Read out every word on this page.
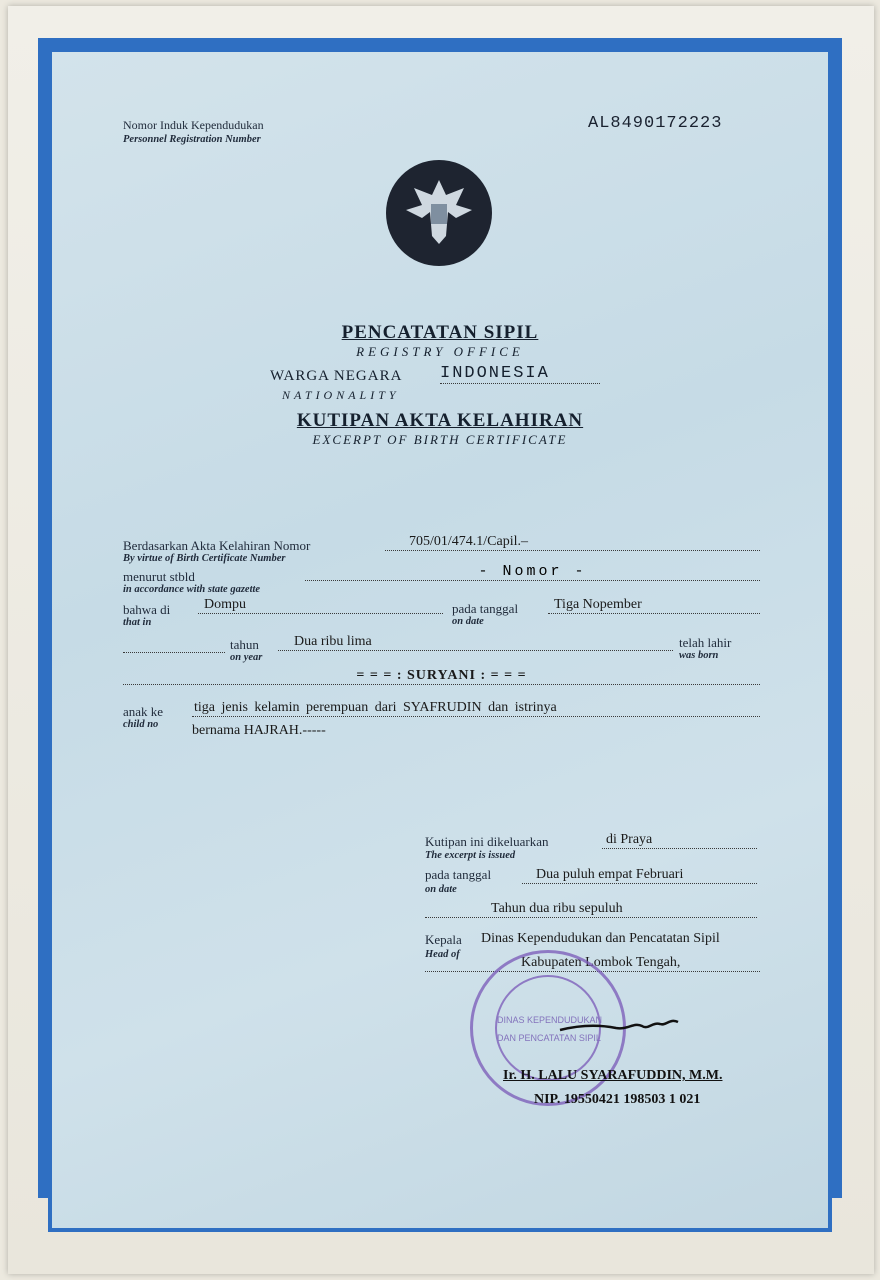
Nomor Induk Kependudukan
Personnel Registration Number
AL8490172223
PENCATATAN SIPIL
REGISTRY OFFICE
WARGA NEGARA INDONESIA
NATIONALITY
KUTIPAN AKTA KELAHIRAN
EXCERPT OF BIRTH CERTIFICATE
Berdasarkan Akta Kelahiran Nomor
By virtue of Birth Certificate Number
705/01/474.1/Capil.–
menurut stbld
in accordance with state gazette
- Nomor -
bahwa di
that in
Dompu	pada tanggal
on date
Tiga Nopember
tahun
on year
Dua ribu lima	telah lahir
was born
= = = : SURYANI : = = =
anak ke
child no
tiga jenis kelamin perempuan dari SYAFRUDIN dan istrinya
bernama HAJRAH.-----
Kutipan ini dikeluarkan
The excerpt is issued
di Praya
pada tanggal
on date
Dua puluh empat Februari
Tahun dua ribu sepuluh
Kepala
Head of
Dinas Kependudukan dan Pencatatan Sipil
Kabupaten Lombok Tengah,
DINAS KEPENDUDUKAN
DAN PENCATATAN SIPIL
Ir. H. LALU SYARAFUDDIN, M.M.
NIP. 19550421 198503 1 021
